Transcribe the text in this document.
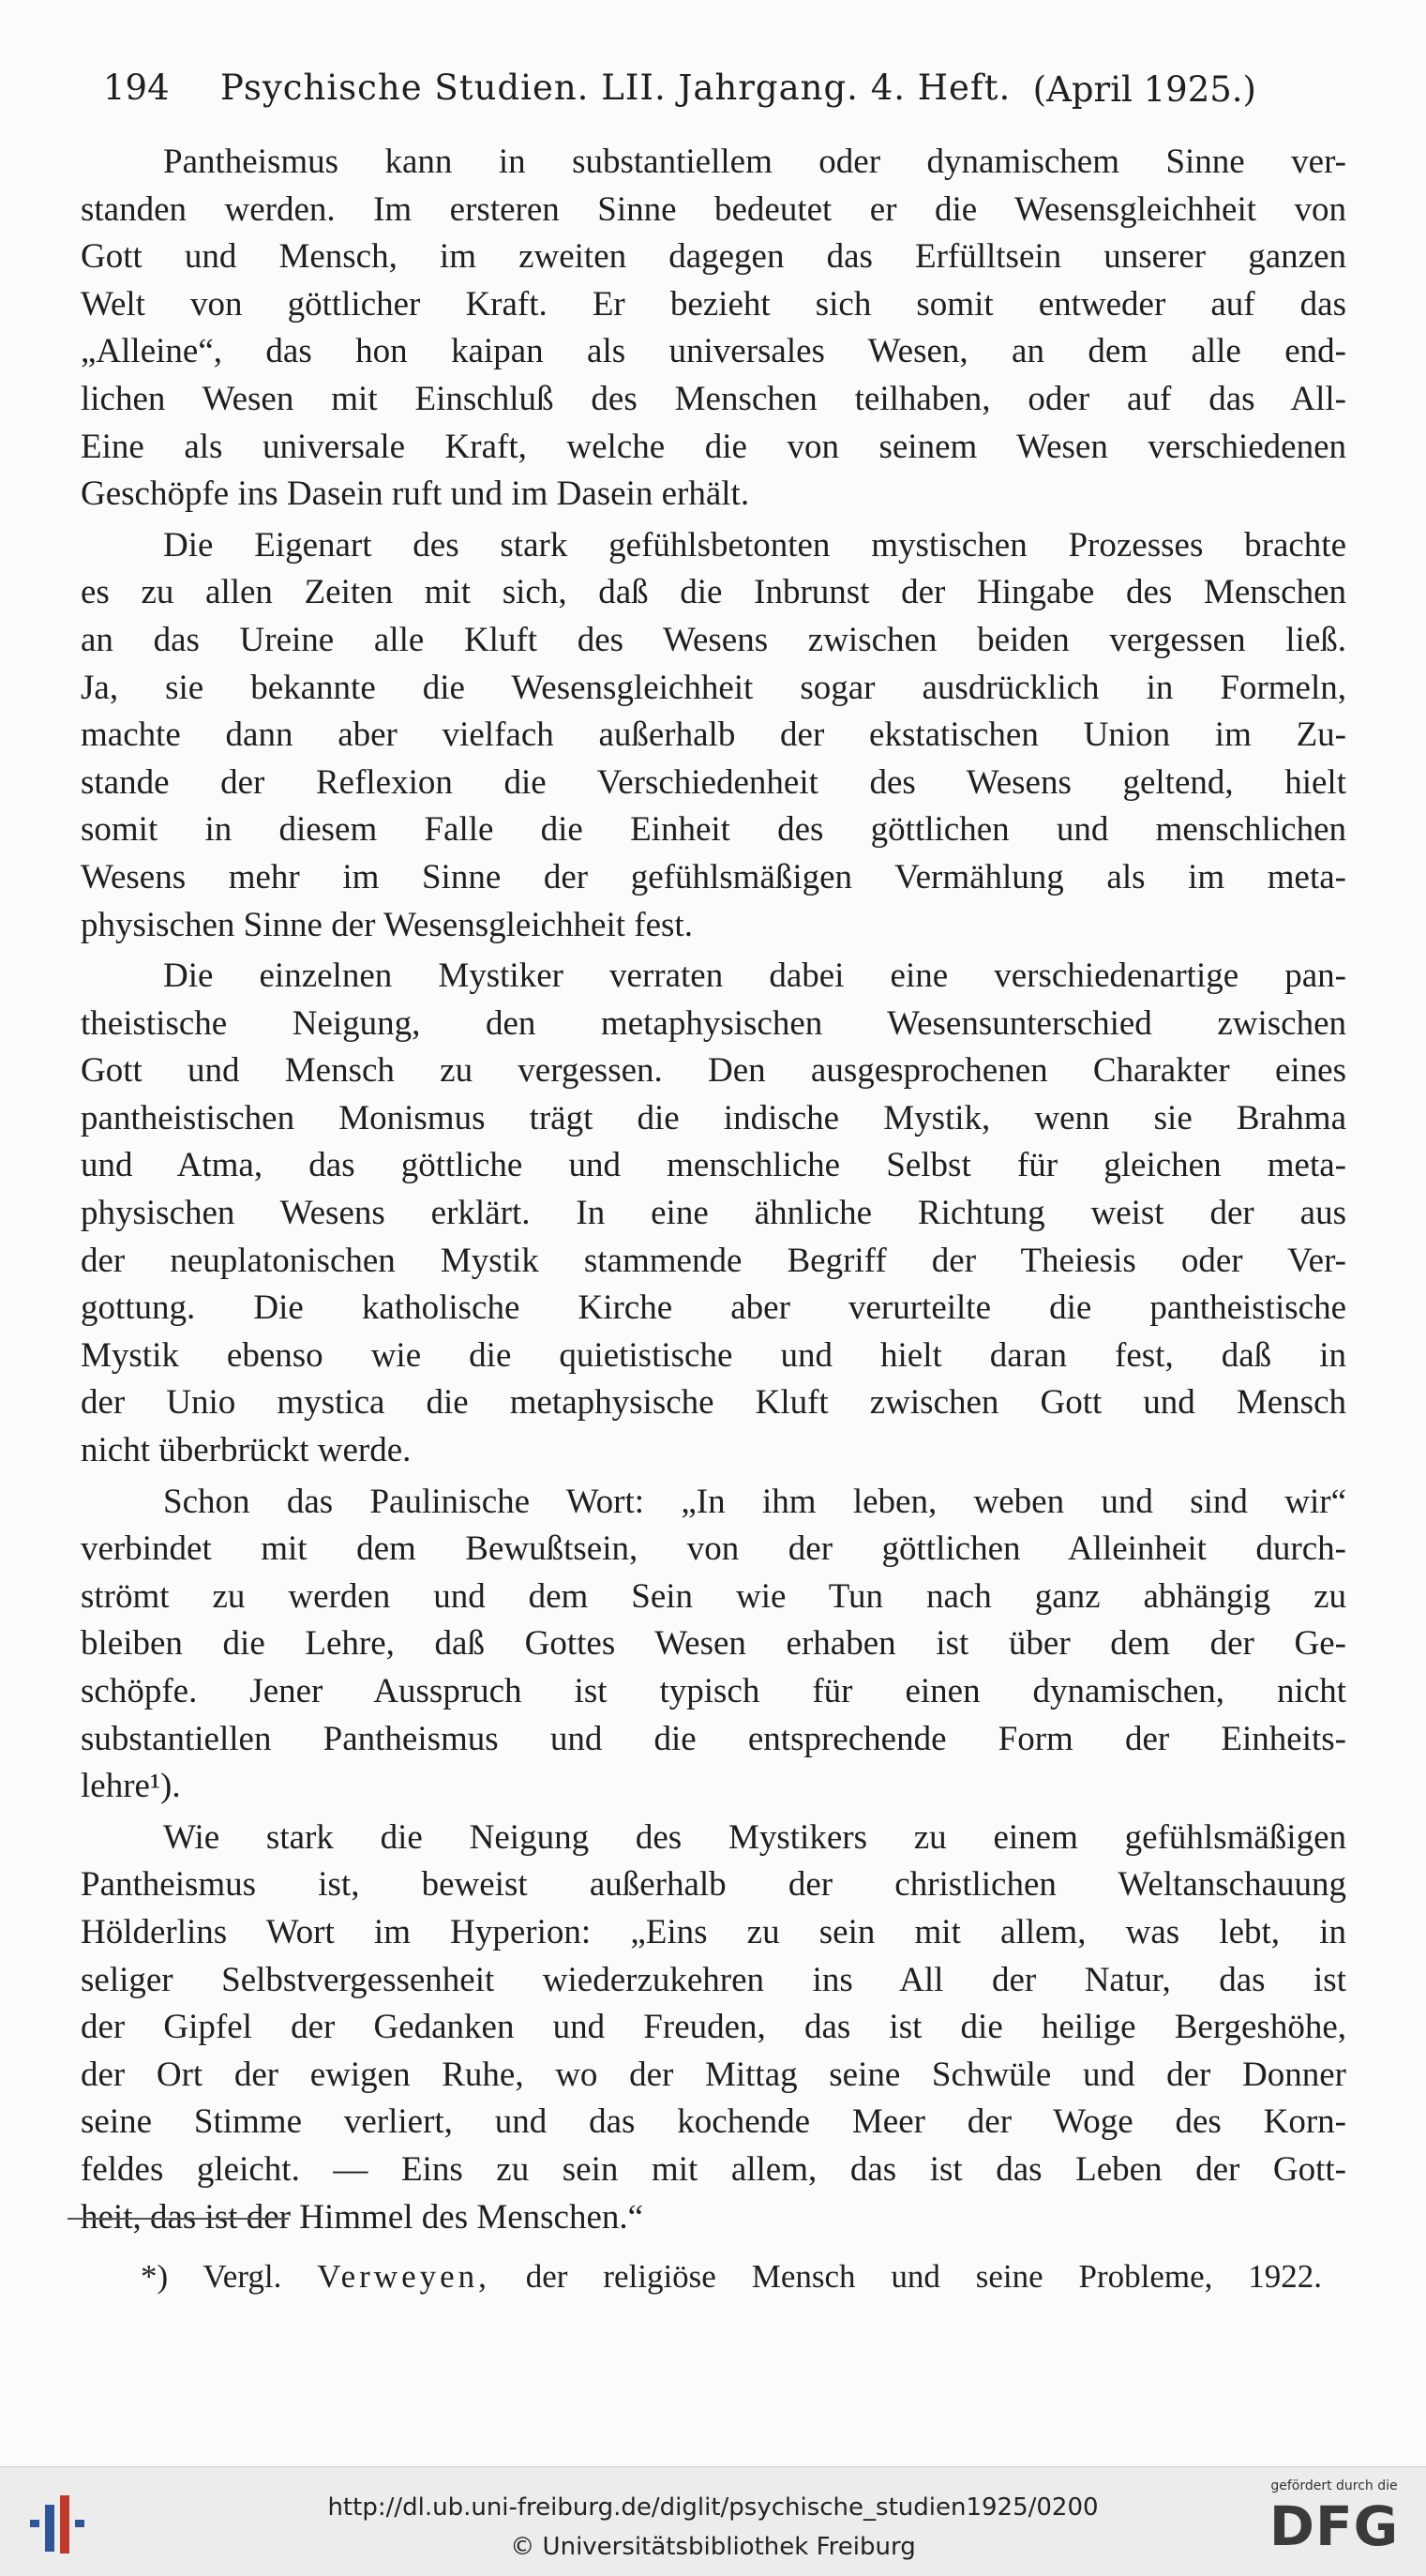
194 Psychische Studien. LII. Jahrgang. 4. Heft. (April 1925.)
Pantheismus kann in substantiellem oder dynamischem Sinne ver-
standen werden. Im ersteren Sinne bedeutet er die Wesensgleichheit von
Gott und Mensch, im zweiten dagegen das Erfülltsein unserer ganzen
Welt von göttlicher Kraft. Er bezieht sich somit entweder auf das
„Alleine“, das hon kaipan als universales Wesen, an dem alle end-
lichen Wesen mit Einschluß des Menschen teilhaben, oder auf das All-
Eine als universale Kraft, welche die von seinem Wesen verschiedenen
Geschöpfe ins Dasein ruft und im Dasein erhält.
Die Eigenart des stark gefühlsbetonten mystischen Prozesses brachte
es zu allen Zeiten mit sich, daß die Inbrunst der Hingabe des Menschen
an das Ureine alle Kluft des Wesens zwischen beiden vergessen ließ.
Ja, sie bekannte die Wesensgleichheit sogar ausdrücklich in Formeln,
machte dann aber vielfach außerhalb der ekstatischen Union im Zu-
stande der Reflexion die Verschiedenheit des Wesens geltend, hielt
somit in diesem Falle die Einheit des göttlichen und menschlichen
Wesens mehr im Sinne der gefühlsmäßigen Vermählung als im meta-
physischen Sinne der Wesensgleichheit fest.
Die einzelnen Mystiker verraten dabei eine verschiedenartige pan-
theistische Neigung, den metaphysischen Wesensunterschied zwischen
Gott und Mensch zu vergessen. Den ausgesprochenen Charakter eines
pantheistischen Monismus trägt die indische Mystik, wenn sie Brahma
und Atma, das göttliche und menschliche Selbst für gleichen meta-
physischen Wesens erklärt. In eine ähnliche Richtung weist der aus
der neuplatonischen Mystik stammende Begriff der Theiesis oder Ver-
gottung. Die katholische Kirche aber verurteilte die pantheistische
Mystik ebenso wie die quietistische und hielt daran fest, daß in
der Unio mystica die metaphysische Kluft zwischen Gott und Mensch
nicht überbrückt werde.
Schon das Paulinische Wort: „In ihm leben, weben und sind wir“
verbindet mit dem Bewußtsein, von der göttlichen Alleinheit durch-
strömt zu werden und dem Sein wie Tun nach ganz abhängig zu
bleiben die Lehre, daß Gottes Wesen erhaben ist über dem der Ge-
schöpfe. Jener Ausspruch ist typisch für einen dynamischen, nicht
substantiellen Pantheismus und die entsprechende Form der Einheits-
lehre¹).
Wie stark die Neigung des Mystikers zu einem gefühlsmäßigen
Pantheismus ist, beweist außerhalb der christlichen Weltanschauung
Hölderlins Wort im Hyperion: „Eins zu sein mit allem, was lebt, in
seliger Selbstvergessenheit wiederzukehren ins All der Natur, das ist
der Gipfel der Gedanken und Freuden, das ist die heilige Bergeshöhe,
der Ort der ewigen Ruhe, wo der Mittag seine Schwüle und der Donner
seine Stimme verliert, und das kochende Meer der Woge des Korn-
feldes gleicht. — Eins zu sein mit allem, das ist das Leben der Gott-
heit, das ist der Himmel des Menschen.“
*) Vergl. Verweyen, der religiöse Mensch und seine Probleme, 1922.
http://dl.ub.uni-freiburg.de/diglit/psychische_studien1925/0200
© Universitätsbibliothek Freiburg
gefördert durch die
DFG
